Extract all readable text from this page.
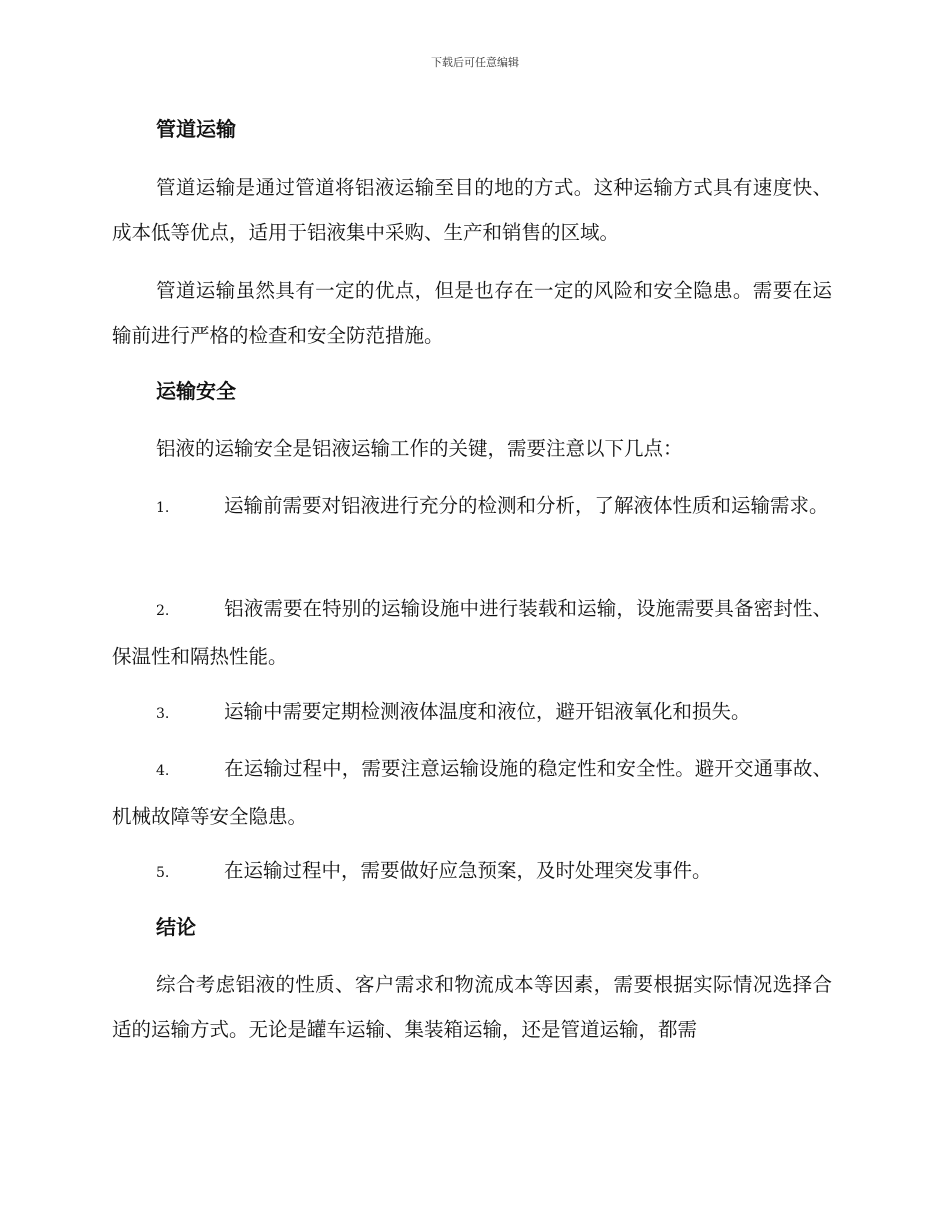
下载后可任意编辑
管道运输

管道运输是通过管道将铝液运输至目的地的方式。这种运输方式具有速度快、成本低等优点，适用于铝液集中采购、生产和销售的区域。

管道运输虽然具有一定的优点，但是也存在一定的风险和安全隐患。需要在运输前进行严格的检查和安全防范措施。

运输安全

铝液的运输安全是铝液运输工作的关键，需要注意以下几点：

1.	运输前需要对铝液进行充分的检测和分析，了解液体性质和运输需求。

2.	铝液需要在特别的运输设施中进行装载和运输，设施需要具备密封性、保温性和隔热性能。

3.	运输中需要定期检测液体温度和液位，避开铝液氧化和损失。

4.	在运输过程中，需要注意运输设施的稳定性和安全性。避开交通事故、机械故障等安全隐患。

5.	在运输过程中，需要做好应急预案，及时处理突发事件。

结论

综合考虑铝液的性质、客户需求和物流成本等因素，需要根据实际情况选择合适的运输方式。无论是罐车运输、集装箱运输，还是管道运输，都需
